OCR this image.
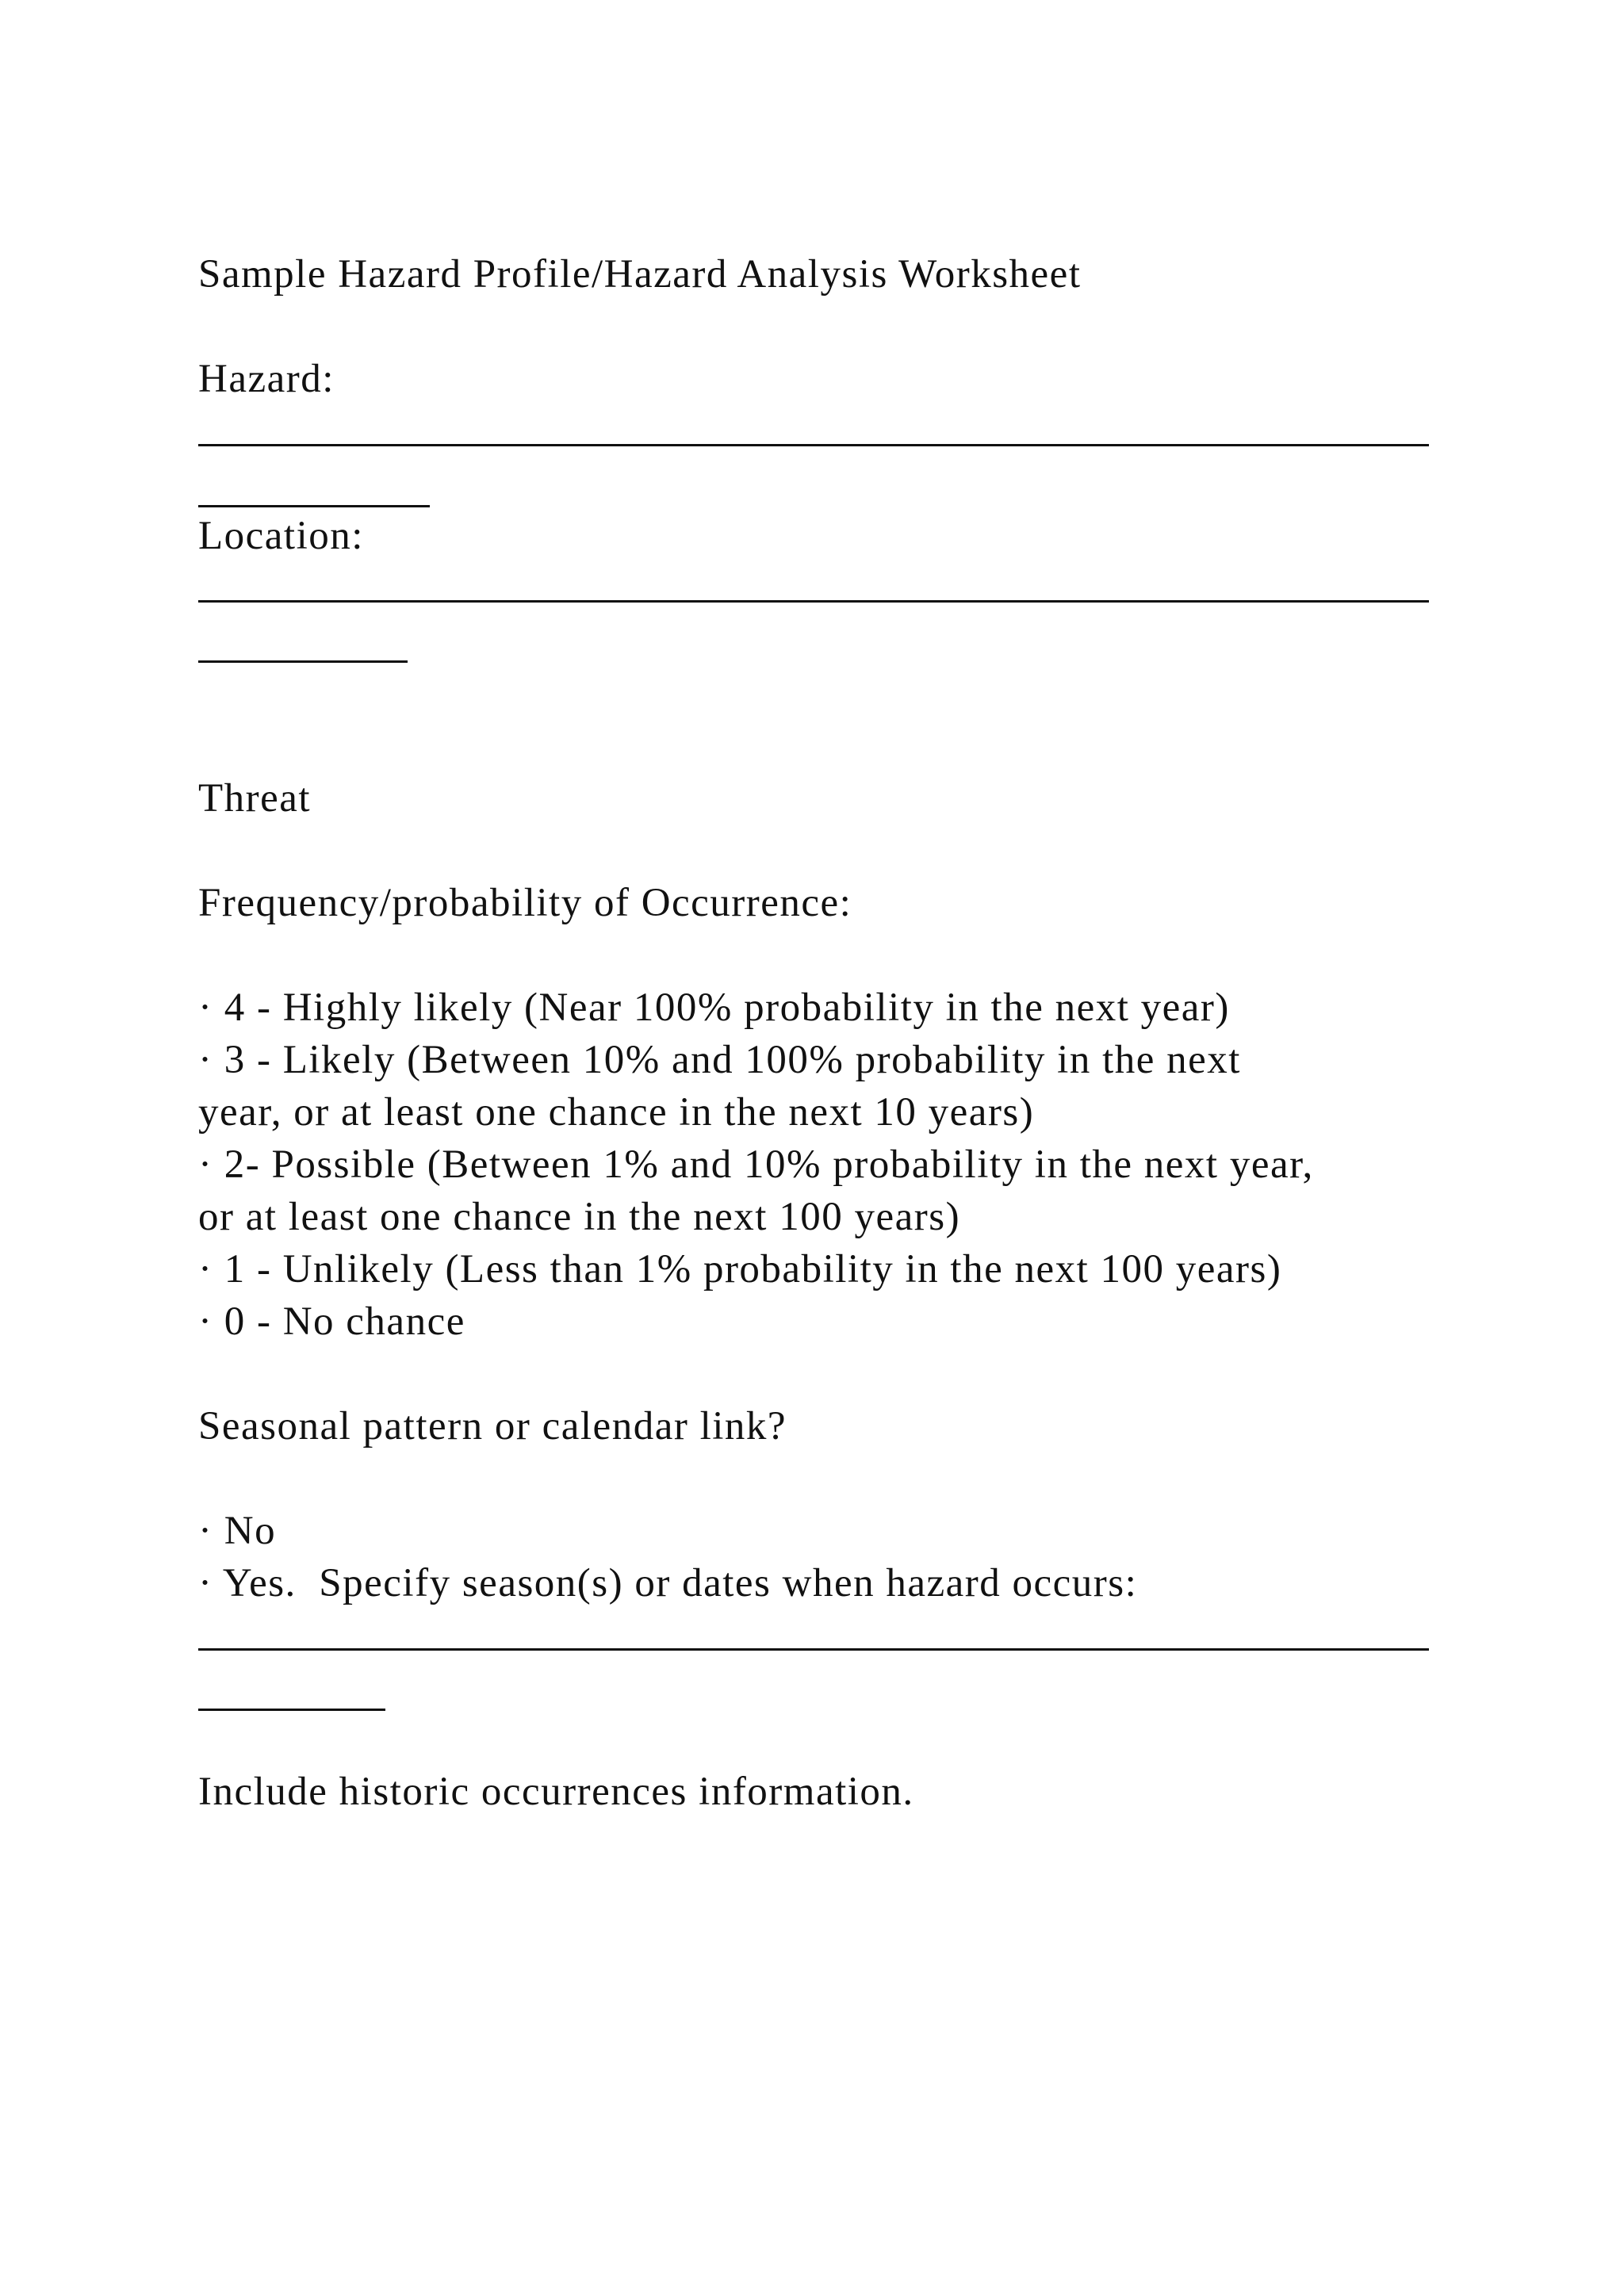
Sample Hazard Profile/Hazard Analysis Worksheet

Hazard:

Location:

Threat

Frequency/probability of Occurrence:

· 4 - Highly likely (Near 100% probability in the next year)

· 3 - Likely (Between 10% and 100% probability in the next

year, or at least one chance in the next 10 years)

· 2- Possible (Between 1% and 10% probability in the next year,

or at least one chance in the next 100 years)

· 1 - Unlikely (Less than 1% probability in the next 100 years)

· 0 - No chance

Seasonal pattern or calendar link?

· No

· Yes.  Specify season(s) or dates when hazard occurs:

Include historic occurrences information.
